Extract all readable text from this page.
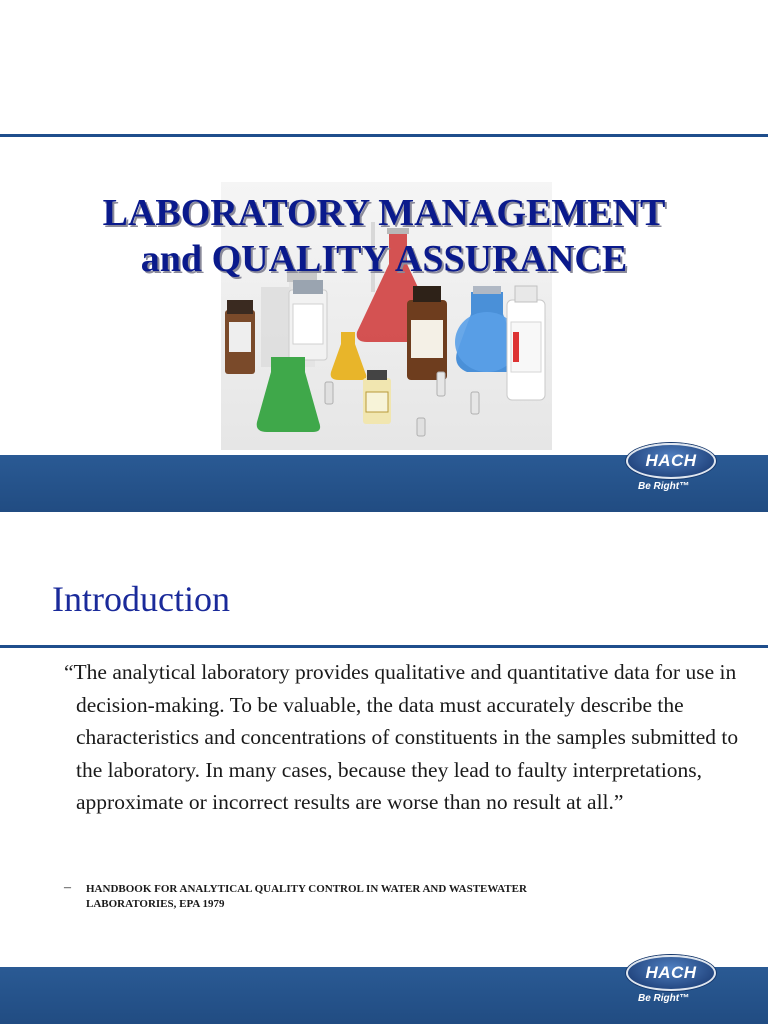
LABORATORY MANAGEMENT
and QUALITY ASSURANCE
HACH
®
Be Right™
Introduction

“The analytical laboratory provides qualitative and quantitative data for use in decision-making. To be valuable, the data must accurately describe the characteristics and concentrations of constituents in the samples submitted to the laboratory. In many cases, because they lead to faulty interpretations, approximate or incorrect results are worse than no result at all.”

– HANDBOOK FOR ANALYTICAL QUALITY CONTROL IN WATER AND WASTEWATER
LABORATORIES, EPA 1979
HACH
®
Be Right™
